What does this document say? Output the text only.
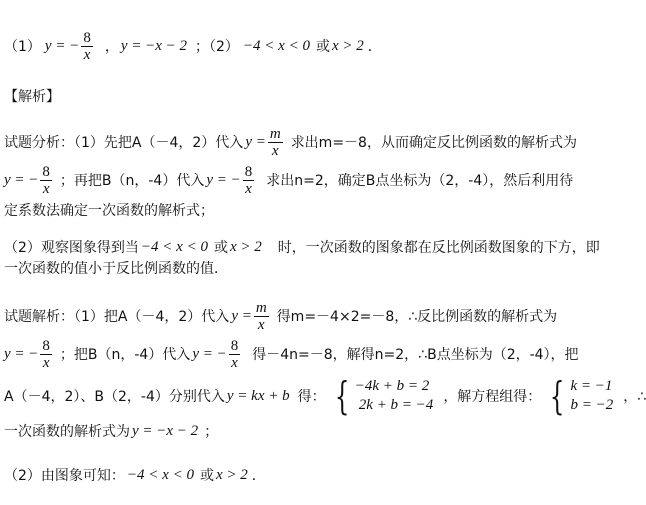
（1） y = − $\frac{8}{x}$ ， y = −x − 2 ；（2） −4 < x < 0 或 x > 2 ．
【解析】
试题分析：（1）先把A（－4，2）代入 $y = \frac{m}{x}$ 求出m=－8，从而确定反比例函数的解析式为
y = − $\frac{8}{x}$ ；再把B（n，-4）代入 y = − $\frac{8}{x}$ 求出n=2，确定B点坐标为（2，-4），然后利用待
定系数法确定一次函数的解析式；
（2）观察图象得到当 −4 < x < 0 或 x > 2 时，一次函数的图象都在反比例函数图象的下方，即
一次函数的值小于反比例函数的值．
试题解析：（1）把A（－4，2）代入 $y = \frac{m}{x}$ 得m=－4×2=－8，∴反比例函数的解析式为
y = − $\frac{8}{x}$ ；把B（n，-4）代入 y = − $\frac{8}{x}$ 得－4n=－8，解得n=2，∴B点坐标为（2，-4），把
A（－4，2）、B（2，-4）分别代入 y = kx + b 得： { −4k + b = 2
2k + b = −4 ，解方程组得： { k = −1
b = −2 ，∴
一次函数的解析式为 y = −x − 2 ；
（2）由图象可知： −4 < x < 0 或 x > 2 ．
